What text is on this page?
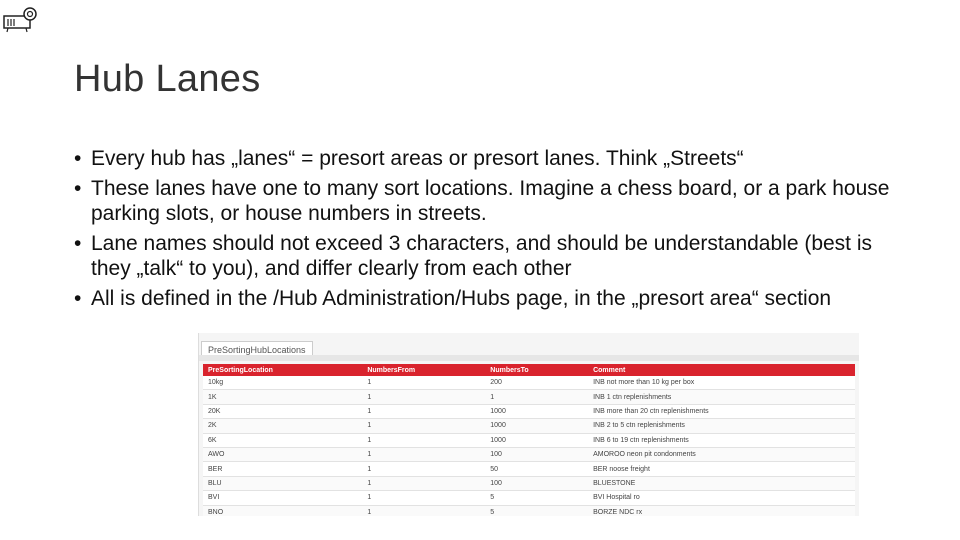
Hub Lanes
• Every hub has „lanes“ = presort areas or presort lanes. Think „Streets“
• These lanes have one to many sort locations. Imagine a chess board, or a park house parking slots, or house numbers in streets.
• Lane names should not exceed 3 characters, and should be understandable (best is they „talk“ to you), and differ clearly from each other
• All is defined in the /Hub Administration/Hubs page, in the „presort area“ section
PreSortingHubLocations
PreSortingLocation	NumbersFrom	NumbersTo	Comment
10kg	1	200	INB not more than 10 kg per box
1K	1	1	INB 1 ctn replenishments
20K	1	1000	INB more than 20 ctn replenishments
2K	1	1000	INB 2 to 5 ctn replenishments
6K	1	1000	INB 6 to 19 ctn replenishments
AWO	1	100	AMOROO neon pit condonments
BER	1	50	BER noose freight
BLU	1	100	BLUESTONE
BVI	1	5	BVI Hospital ro
BNO	1	5	BORZE NDC rx
